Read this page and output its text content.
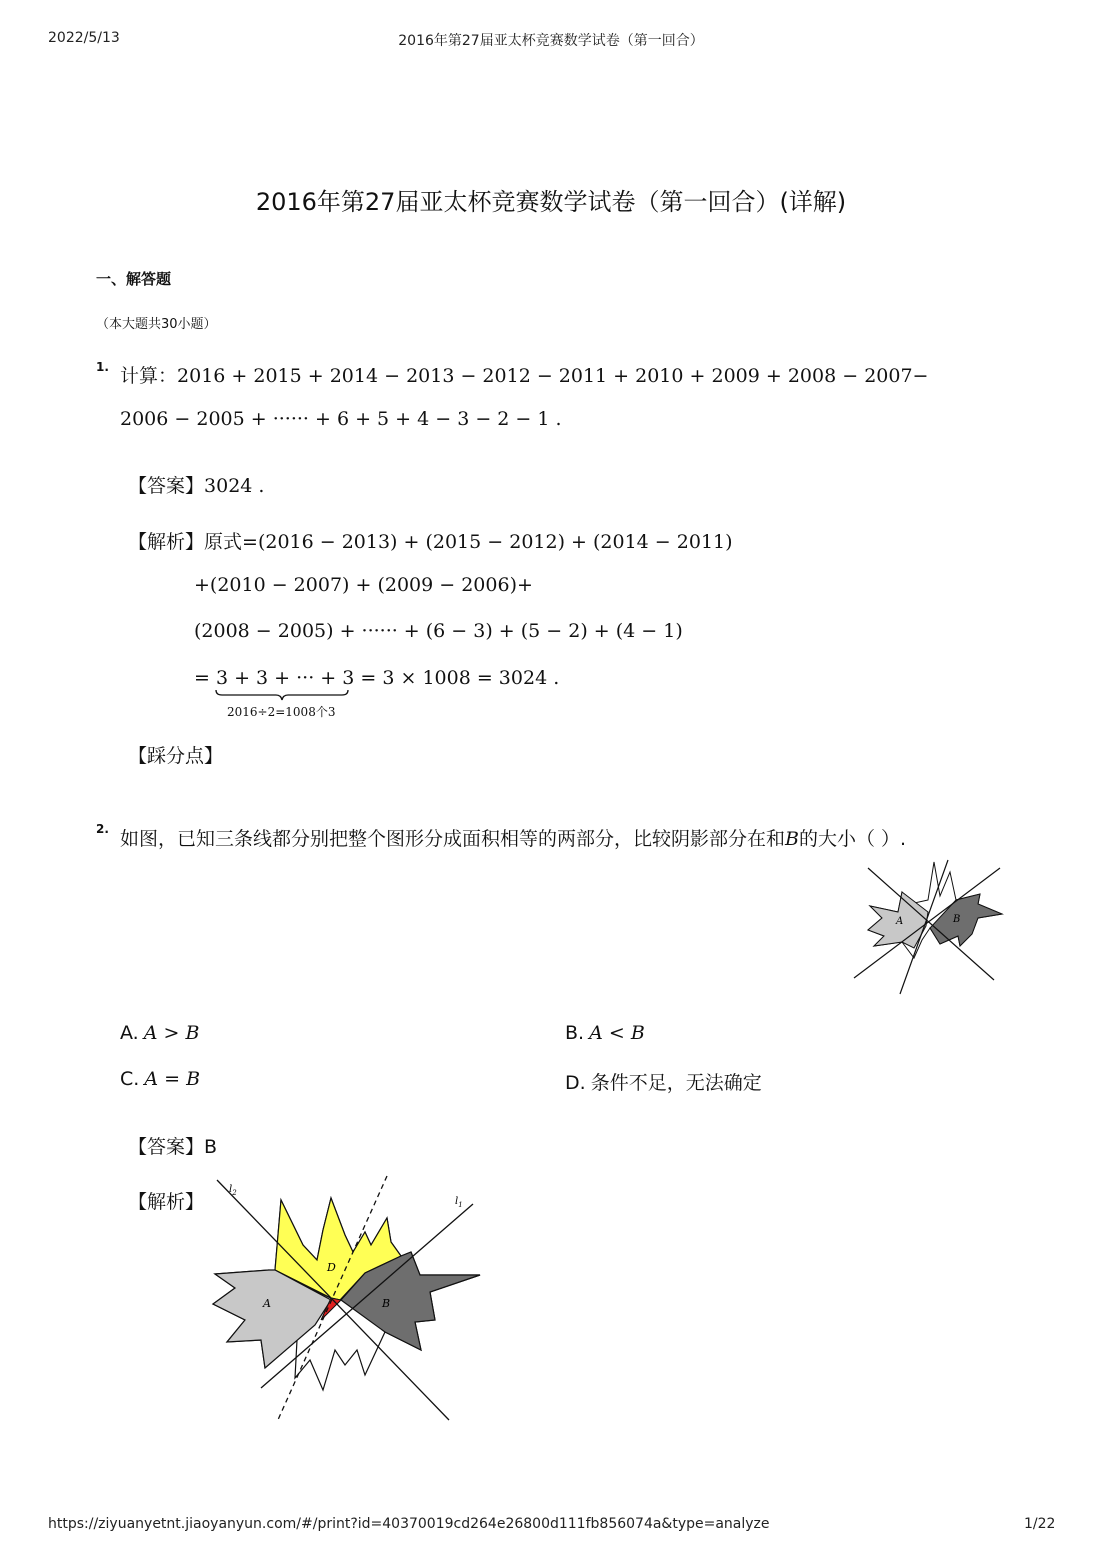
2022/5/13	2016年第27届亚太杯竞赛数学试卷（第一回合）
2016年第27届亚太杯竞赛数学试卷（第一回合）(详解)
一、解答题
（本大题共30小题）
1. 计算：2016 + 2015 + 2014 − 2013 − 2012 − 2011 + 2010 + 2009 + 2008 − 2007−
2006 − 2005 + ······ + 6 + 5 + 4 − 3 − 2 − 1 .
【答案】3024 .
【解析】原式=(2016 − 2013) + (2015 − 2012) + (2014 − 2011)
+(2010 − 2007) + (2009 − 2006)+
(2008 − 2005) + ······ + (6 − 3) + (5 − 2) + (4 − 1)
= 3 + 3 + ··· + 3 = 3 × 1008 = 3024 .
2016÷2=1008个3
【踩分点】
2. 如图，已知三条线都分别把整个图形分成面积相等的两部分，比较阴影部分在和B的大小（ ）.
A	B
A. A > B	B. A < B
C. A = B	D. 条件不足，无法确定
【答案】B
【解析】
A	B
D
$l_2$
$l_1$
https://ziyuanyetnt.jiaoyanyun.com/#/print?id=40370019cd264e26800d111fb856074a&type=analyze	1/22
